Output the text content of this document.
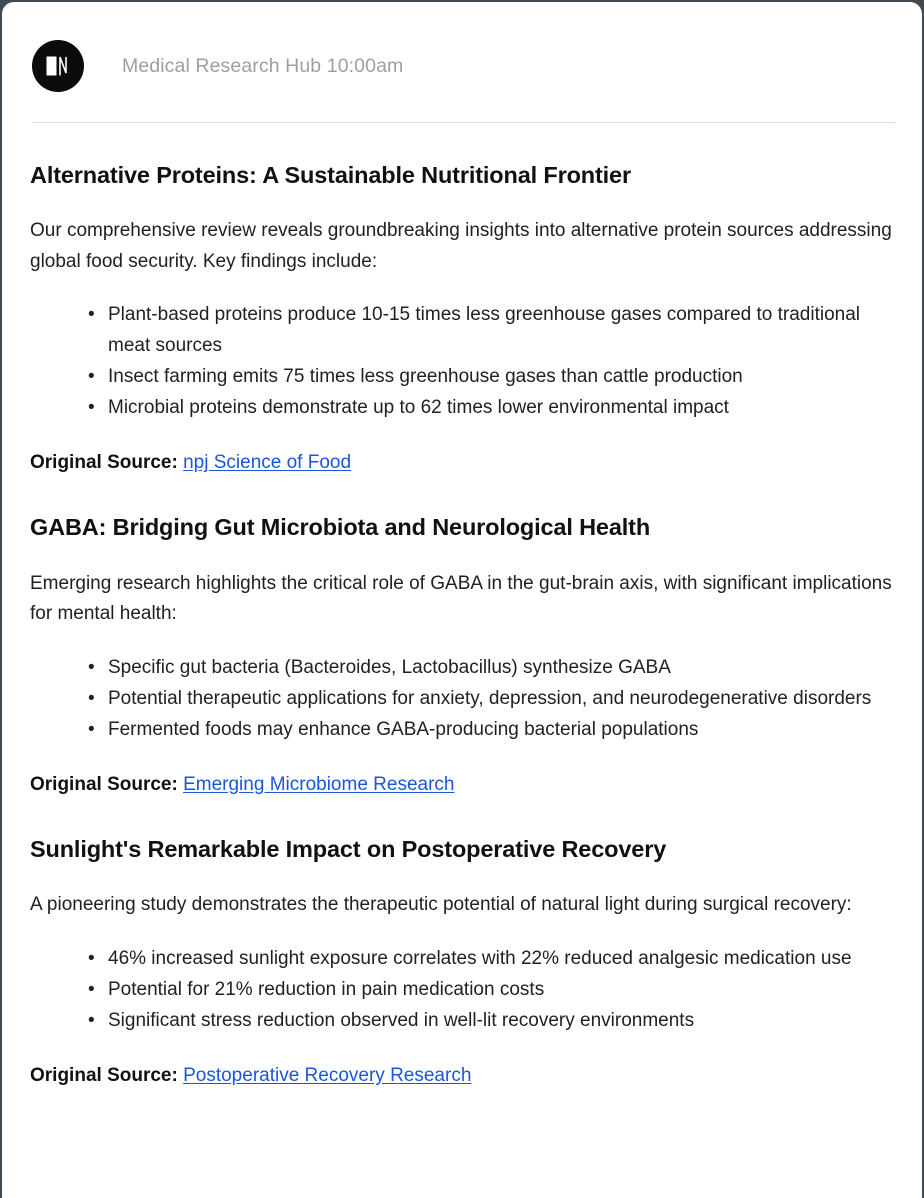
Medical Research Hub 10:00am
Alternative Proteins: A Sustainable Nutritional Frontier

Our comprehensive review reveals groundbreaking insights into alternative protein sources addressing global food security. Key findings include:

• Plant-based proteins produce 10-15 times less greenhouse gases compared to traditional meat sources
• Insect farming emits 75 times less greenhouse gases than cattle production
• Microbial proteins demonstrate up to 62 times lower environmental impact

Original Source: npj Science of Food

GABA: Bridging Gut Microbiota and Neurological Health

Emerging research highlights the critical role of GABA in the gut-brain axis, with significant implications for mental health:

• Specific gut bacteria (Bacteroides, Lactobacillus) synthesize GABA
• Potential therapeutic applications for anxiety, depression, and neurodegenerative disorders
• Fermented foods may enhance GABA-producing bacterial populations

Original Source: Emerging Microbiome Research

Sunlight's Remarkable Impact on Postoperative Recovery

A pioneering study demonstrates the therapeutic potential of natural light during surgical recovery:

• 46% increased sunlight exposure correlates with 22% reduced analgesic medication use
• Potential for 21% reduction in pain medication costs
• Significant stress reduction observed in well-lit recovery environments

Original Source: Postoperative Recovery Research
